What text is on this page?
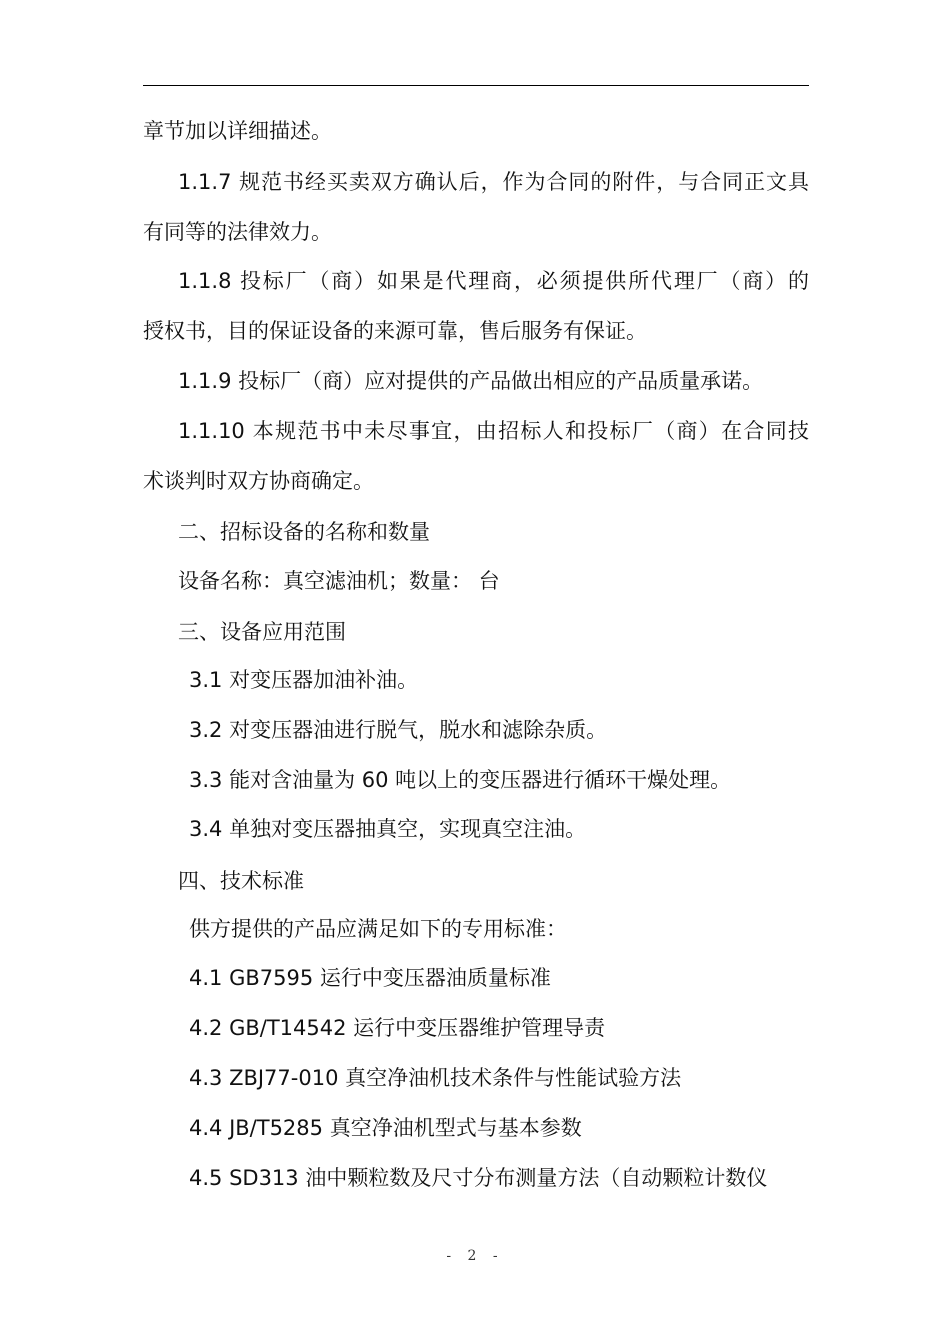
章节加以详细描述。
1.1.7 规范书经买卖双方确认后，作为合同的附件，与合同正文具
有同等的法律效力。
1.1.8 投标厂（商）如果是代理商，必须提供所代理厂（商）的
授权书，目的保证设备的来源可靠，售后服务有保证。
1.1.9 投标厂（商）应对提供的产品做出相应的产品质量承诺。
1.1.10 本规范书中未尽事宜，由招标人和投标厂（商）在合同技
术谈判时双方协商确定。
二、招标设备的名称和数量
设备名称：真空滤油机；数量： 台
三、设备应用范围
3.1 对变压器加油补油。
3.2 对变压器油进行脱气，脱水和滤除杂质。
3.3 能对含油量为 60 吨以上的变压器进行循环干燥处理。
3.4 单独对变压器抽真空，实现真空注油。
四、技术标准
供方提供的产品应满足如下的专用标准：
4.1 GB7595 运行中变压器油质量标准
4.2 GB/T14542 运行中变压器维护管理导责
4.3 ZBJ77-010 真空净油机技术条件与性能试验方法
4.4 JB/T5285 真空净油机型式与基本参数
4.5 SD313 油中颗粒数及尺寸分布测量方法（自动颗粒计数仪
- 2 -
